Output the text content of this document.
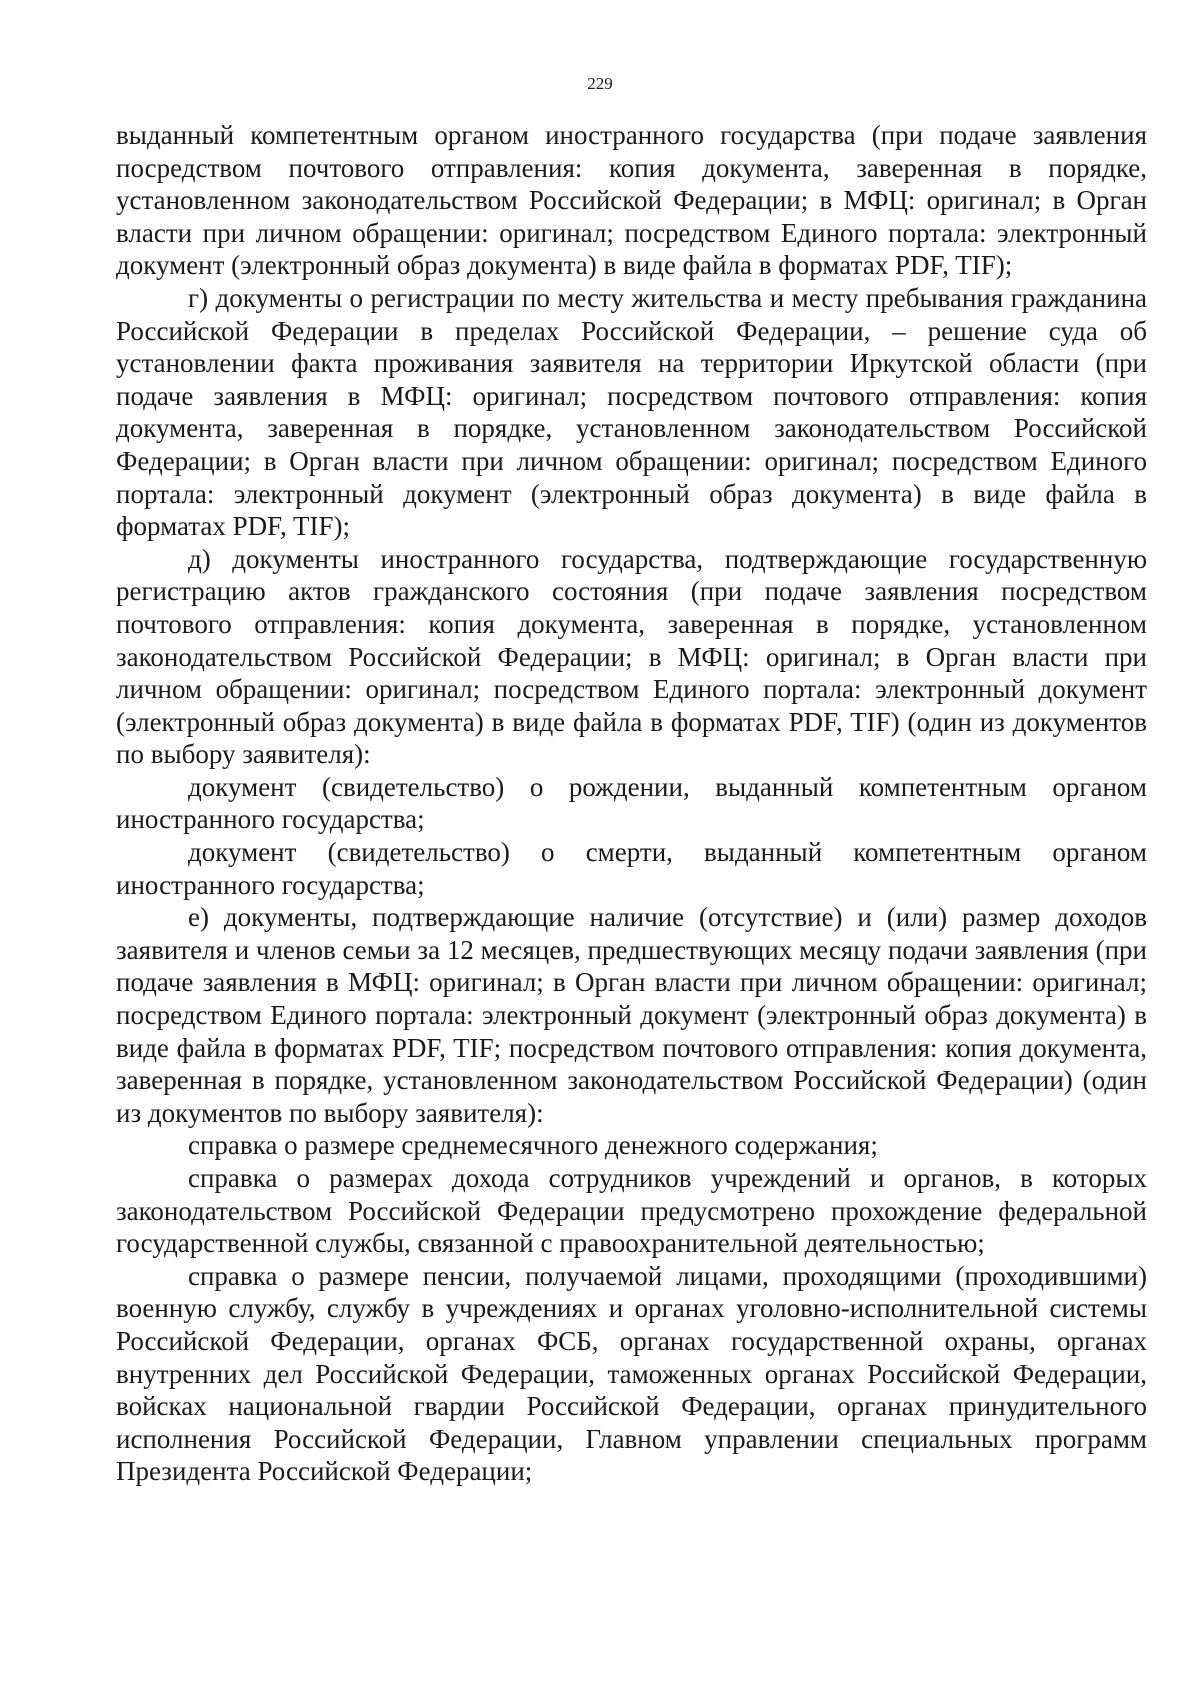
229

выданный компетентным органом иностранного государства (при подаче заявления посредством почтового отправления: копия документа, заверенная в порядке, установленном законодательством Российской Федерации; в МФЦ: оригинал; в Орган власти при личном обращении: оригинал; посредством Единого портала: электронный документ (электронный образ документа) в виде файла в форматах PDF, TIF);

г) документы о регистрации по месту жительства и месту пребывания гражданина Российской Федерации в пределах Российской Федерации, – решение суда об установлении факта проживания заявителя на территории Иркутской области (при подаче заявления в МФЦ: оригинал; посредством почтового отправления: копия документа, заверенная в порядке, установленном законодательством Российской Федерации; в Орган власти при личном обращении: оригинал; посредством Единого портала: электронный документ (электронный образ документа) в виде файла в форматах PDF, TIF);

д) документы иностранного государства, подтверждающие государственную регистрацию актов гражданского состояния (при подаче заявления посредством почтового отправления: копия документа, заверенная в порядке, установленном законодательством Российской Федерации; в МФЦ: оригинал; в Орган власти при личном обращении: оригинал; посредством Единого портала: электронный документ (электронный образ документа) в виде файла в форматах PDF, TIF) (один из документов по выбору заявителя):

документ (свидетельство) о рождении, выданный компетентным органом иностранного государства;

документ (свидетельство) о смерти, выданный компетентным органом иностранного государства;

е) документы, подтверждающие наличие (отсутствие) и (или) размер доходов заявителя и членов семьи за 12 месяцев, предшествующих месяцу подачи заявления (при подаче заявления в МФЦ: оригинал; в Орган власти при личном обращении: оригинал; посредством Единого портала: электронный документ (электронный образ документа) в виде файла в форматах PDF, TIF; посредством почтового отправления: копия документа, заверенная в порядке, установленном законодательством Российской Федерации) (один из документов по выбору заявителя):

справка о размере среднемесячного денежного содержания;

справка о размерах дохода сотрудников учреждений и органов, в которых законодательством Российской Федерации предусмотрено прохождение федеральной государственной службы, связанной с правоохранительной деятельностью;

справка о размере пенсии, получаемой лицами, проходящими (проходившими) военную службу, службу в учреждениях и органах уголовно-исполнительной системы Российской Федерации, органах ФСБ, органах государственной охраны, органах внутренних дел Российской Федерации, таможенных органах Российской Федерации, войсках национальной гвардии Российской Федерации, органах принудительного исполнения Российской Федерации, Главном управлении специальных программ Президента Российской Федерации;
